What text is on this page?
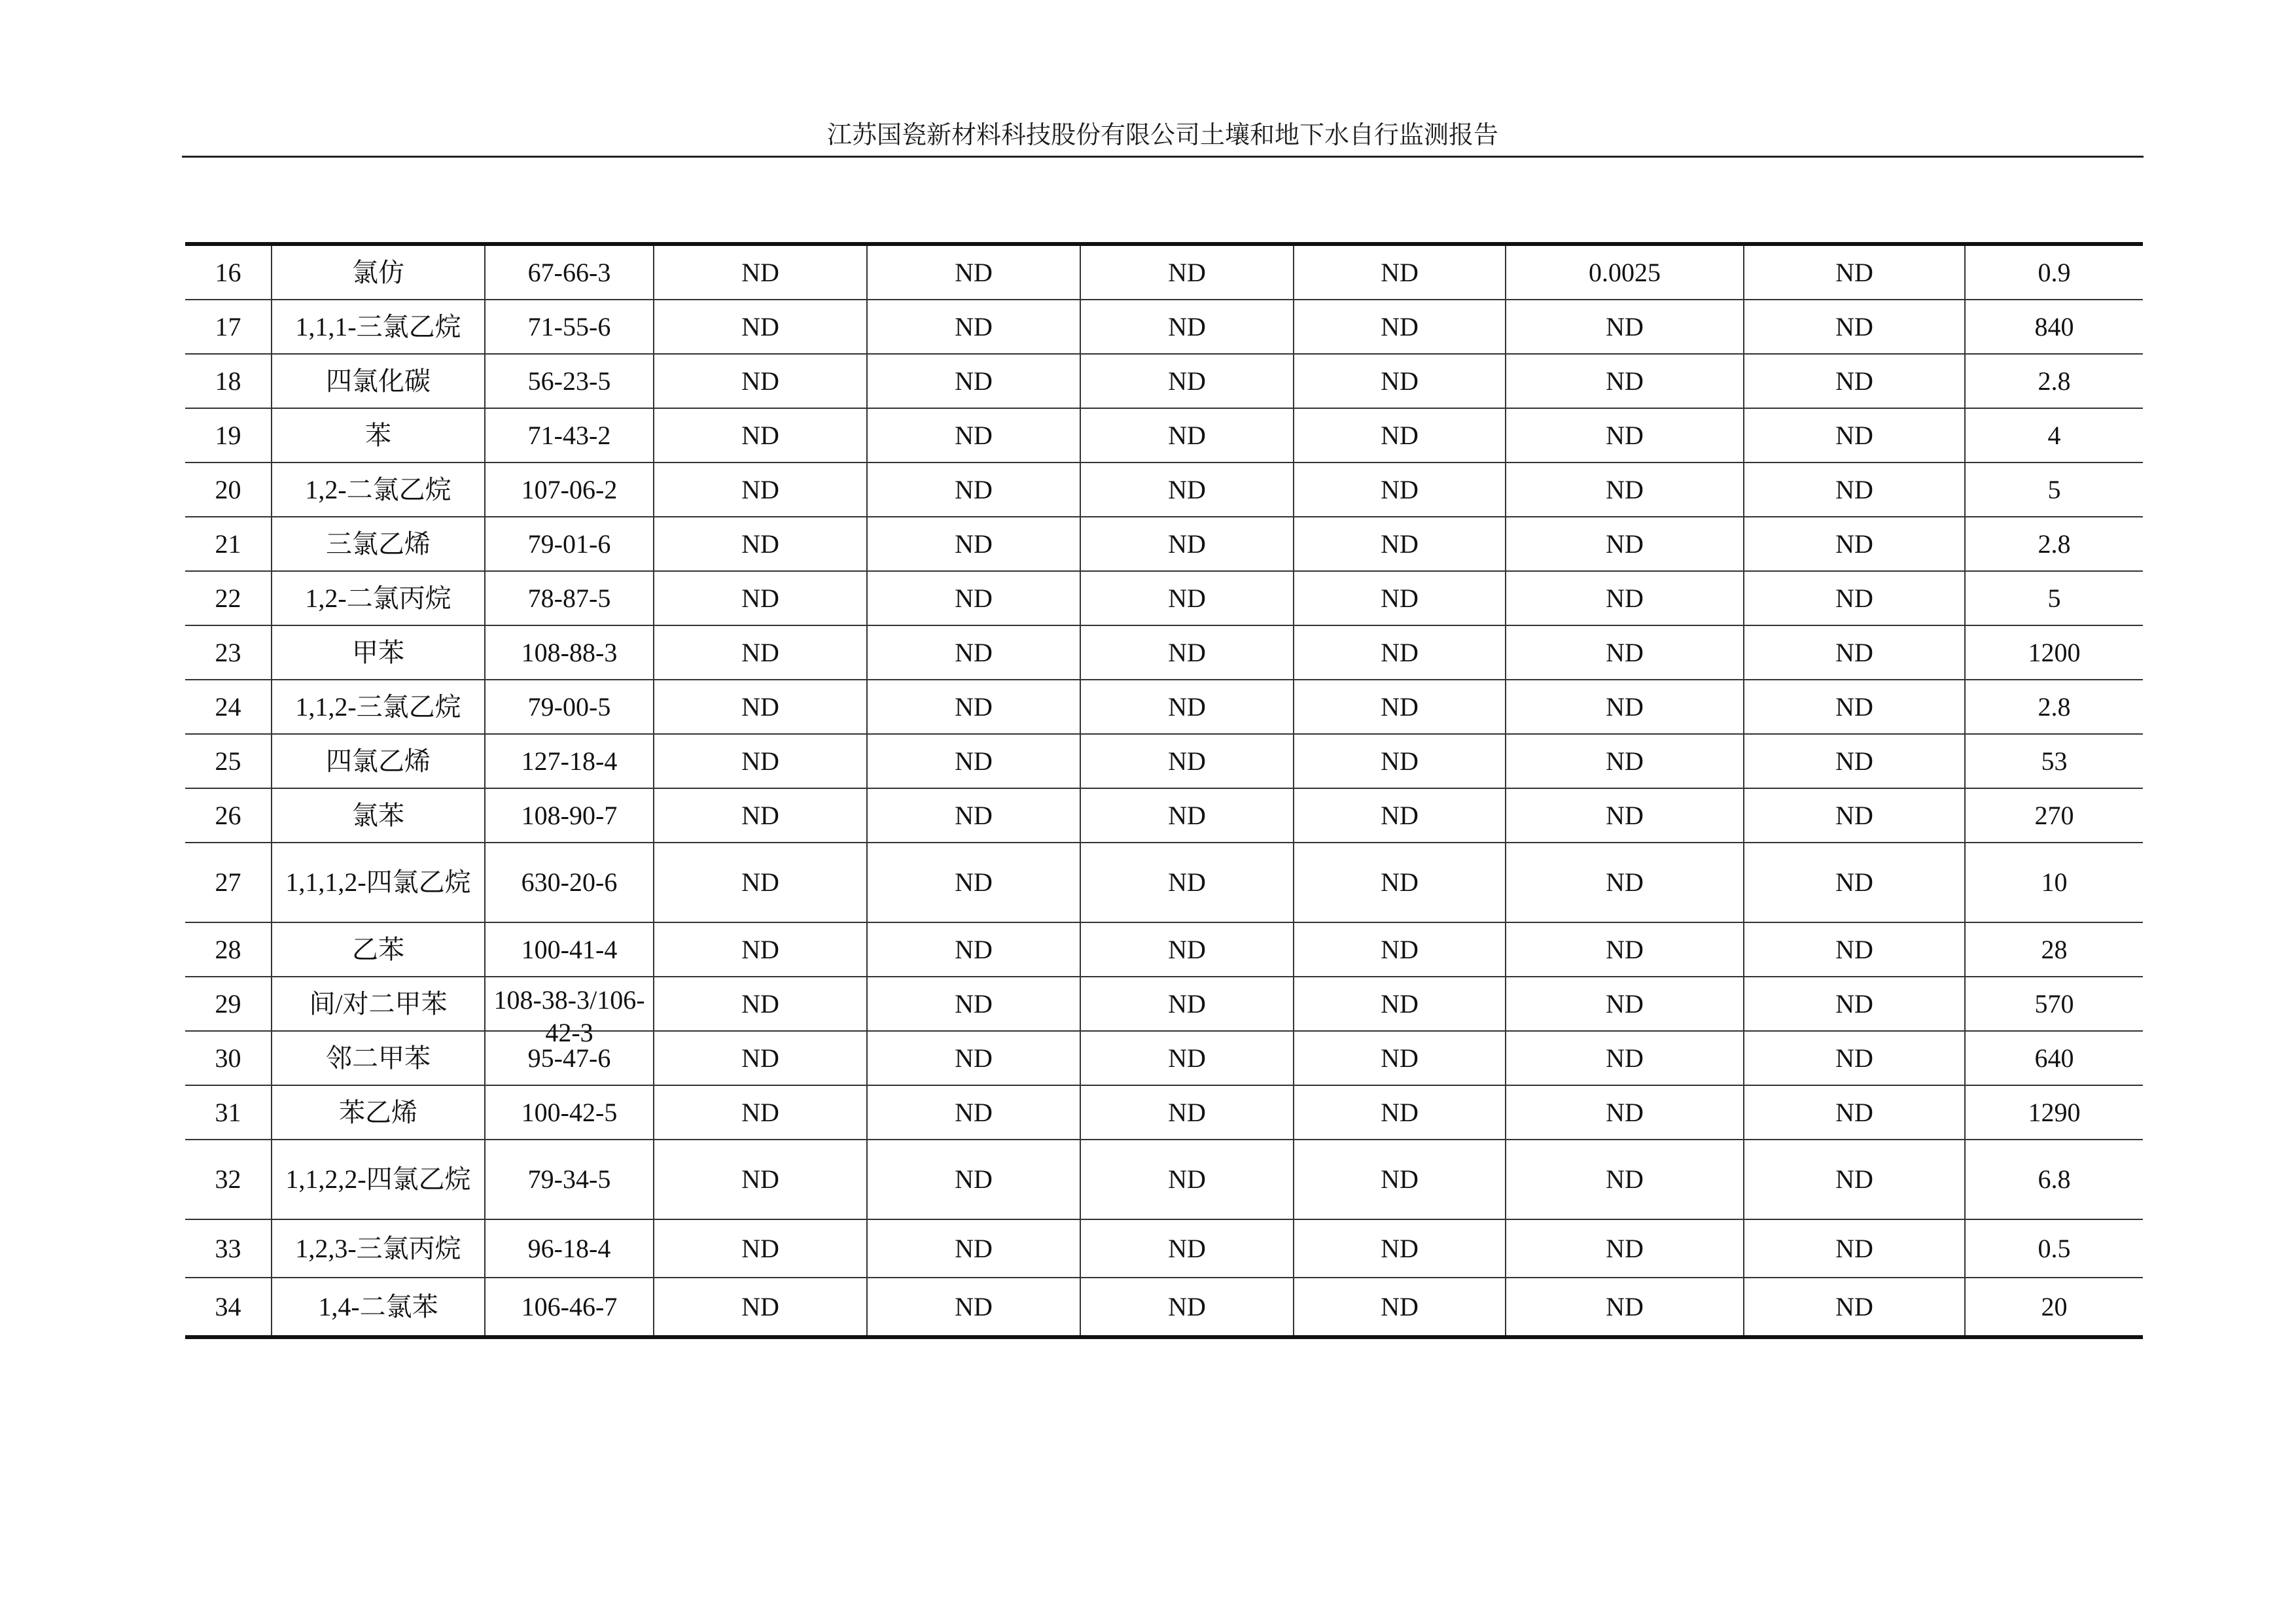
江苏国瓷新材料科技股份有限公司土壤和地下水自行监测报告
16	氯仿	67-66-3	ND	ND	ND	ND	0.0025	ND	0.9
17	1,1,1-三氯乙烷	71-55-6	ND	ND	ND	ND	ND	ND	840
18	四氯化碳	56-23-5	ND	ND	ND	ND	ND	ND	2.8
19	苯	71-43-2	ND	ND	ND	ND	ND	ND	4
20	1,2-二氯乙烷	107-06-2	ND	ND	ND	ND	ND	ND	5
21	三氯乙烯	79-01-6	ND	ND	ND	ND	ND	ND	2.8
22	1,2-二氯丙烷	78-87-5	ND	ND	ND	ND	ND	ND	5
23	甲苯	108-88-3	ND	ND	ND	ND	ND	ND	1200
24	1,1,2-三氯乙烷	79-00-5	ND	ND	ND	ND	ND	ND	2.8
25	四氯乙烯	127-18-4	ND	ND	ND	ND	ND	ND	53
26	氯苯	108-90-7	ND	ND	ND	ND	ND	ND	270
27	1,1,1,2-四氯乙烷	630-20-6	ND	ND	ND	ND	ND	ND	10
28	乙苯	100-41-4	ND	ND	ND	ND	ND	ND	28
29	间/对二甲苯	108-38-3/106-42-3	ND	ND	ND	ND	ND	ND	570
30	邻二甲苯	95-47-6	ND	ND	ND	ND	ND	ND	640
31	苯乙烯	100-42-5	ND	ND	ND	ND	ND	ND	1290
32	1,1,2,2-四氯乙烷	79-34-5	ND	ND	ND	ND	ND	ND	6.8
33	1,2,3-三氯丙烷	96-18-4	ND	ND	ND	ND	ND	ND	0.5
34	1,4-二氯苯	106-46-7	ND	ND	ND	ND	ND	ND	20
